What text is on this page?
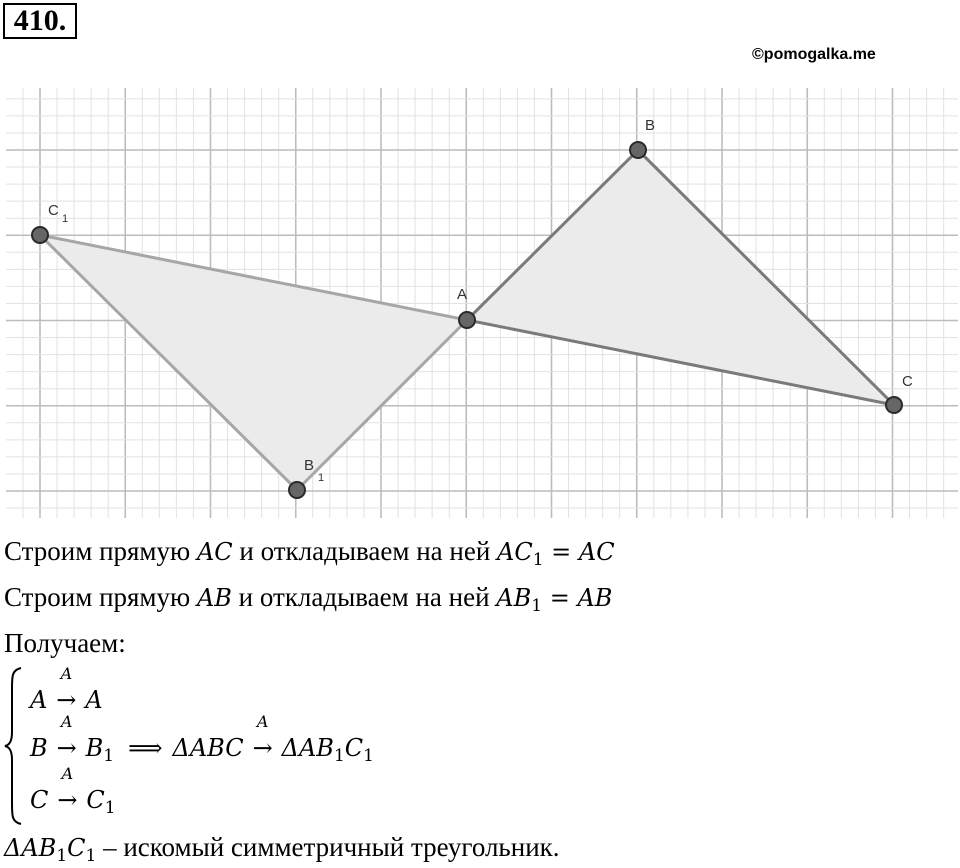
410.
©pomogalka.me
C 1
B
A
C
B
1
Строим прямую AC и откладываем на ней $AC_1$ = AC
Строим прямую AB и откладываем на ней $AB_1$ = AB
Получаем:
A
A
→ A
B
A
→ $B_1$ ⟹ ΔABC
A
→ $\Delta AB_1C_1$
C
A
→ $C_1$
$\Delta AB_1C_1$ – искомый симметричный треугольник.
